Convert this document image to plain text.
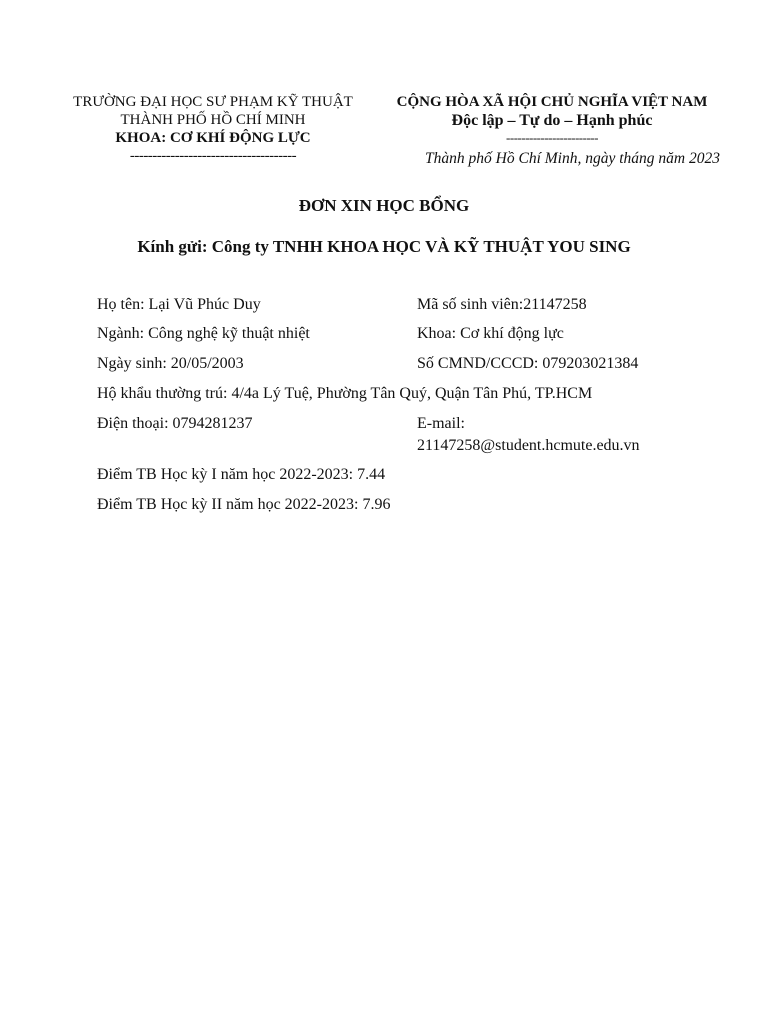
TRƯỜNG ĐẠI HỌC SƯ PHẠM KỸ THUẬT
THÀNH PHỐ HỒ CHÍ MINH
KHOA: CƠ KHÍ ĐỘNG LỰC
-------------------------------------
CỘNG HÒA XÃ HỘI CHỦ NGHĨA VIỆT NAM
Độc lập – Tự do – Hạnh phúc
------------------------
Thành phố Hồ Chí Minh, ngày tháng năm 2023
ĐƠN XIN HỌC BỔNG
Kính gửi: Công ty TNHH KHOA HỌC VÀ KỸ THUẬT YOU SING
Họ tên: Lại Vũ Phúc Duy	Mã số sinh viên:21147258
Ngành: Công nghệ kỹ thuật nhiệt	Khoa: Cơ khí động lực
Ngày sinh: 20/05/2003	Số CMND/CCCD: 079203021384
Hộ khẩu thường trú: 4/4a Lý Tuệ, Phường Tân Quý, Quận Tân Phú, TP.HCM
Điện thoại: 0794281237	E-mail:
21147258@student.hcmute.edu.vn
Điểm TB Học kỳ I năm học 2022-2023: 7.44
Điểm TB Học kỳ II năm học 2022-2023: 7.96
